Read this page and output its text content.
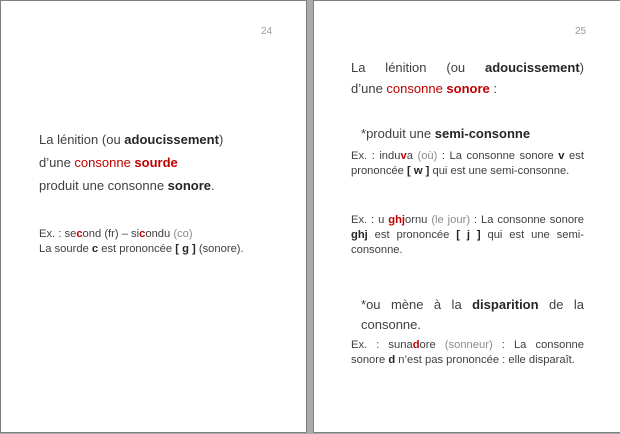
24
La lénition (ou adoucissement)
d’une consonne sourde
produit une consonne sonore.
Ex. : second (fr) – sicondu (co)
La sourde c est prononcée [ g ] (sonore).
25
La lénition (ou adoucissement)
d’une consonne sonore :
*produit une semi-consonne
Ex. : induva (où) : La consonne sonore v est prononcée [ w ] qui est une semi-consonne.
Ex. : u ghjornu (le jour) : La consonne sonore ghj est prononcée [ j ] qui est une semi-consonne.
*ou mène à la disparition de la consonne.
Ex. : sunadore (sonneur) : La consonne sonore d n’est pas prononcée : elle disparaît.
